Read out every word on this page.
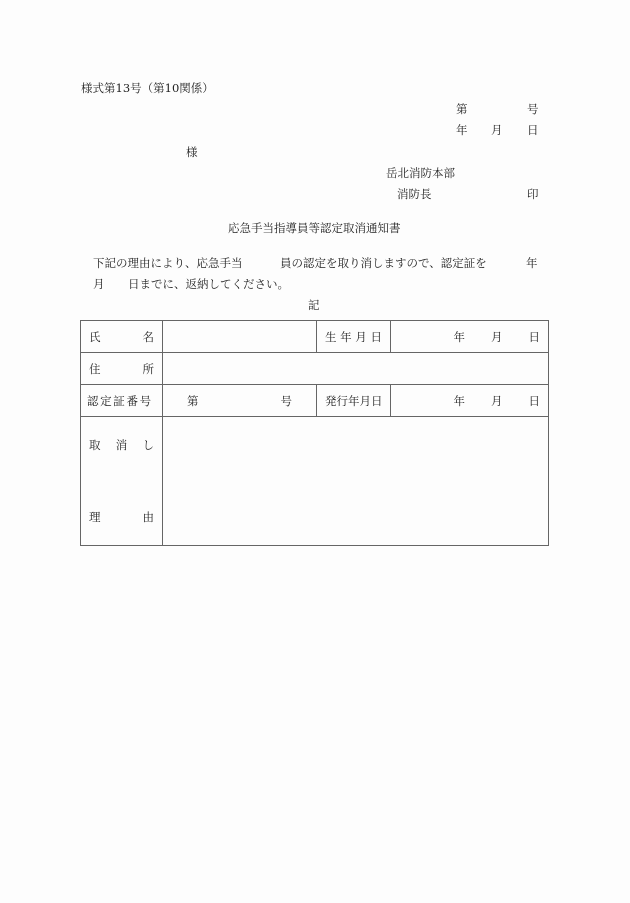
様式第13号（第10関係）
第	号
年 月 日
様
岳北消防本部
消防長	印
応急手当指導員等認定取消通知書
下記の理由により、応急手当	員の認定を取り消しますので、認定証を	年
月 日までに、返納してください。
記
氏 名		生 年 月 日	年 月 日

住 所			

認 定 証 番 号	第 号	発行年月日	年 月 日

取 消 し
理 由			
